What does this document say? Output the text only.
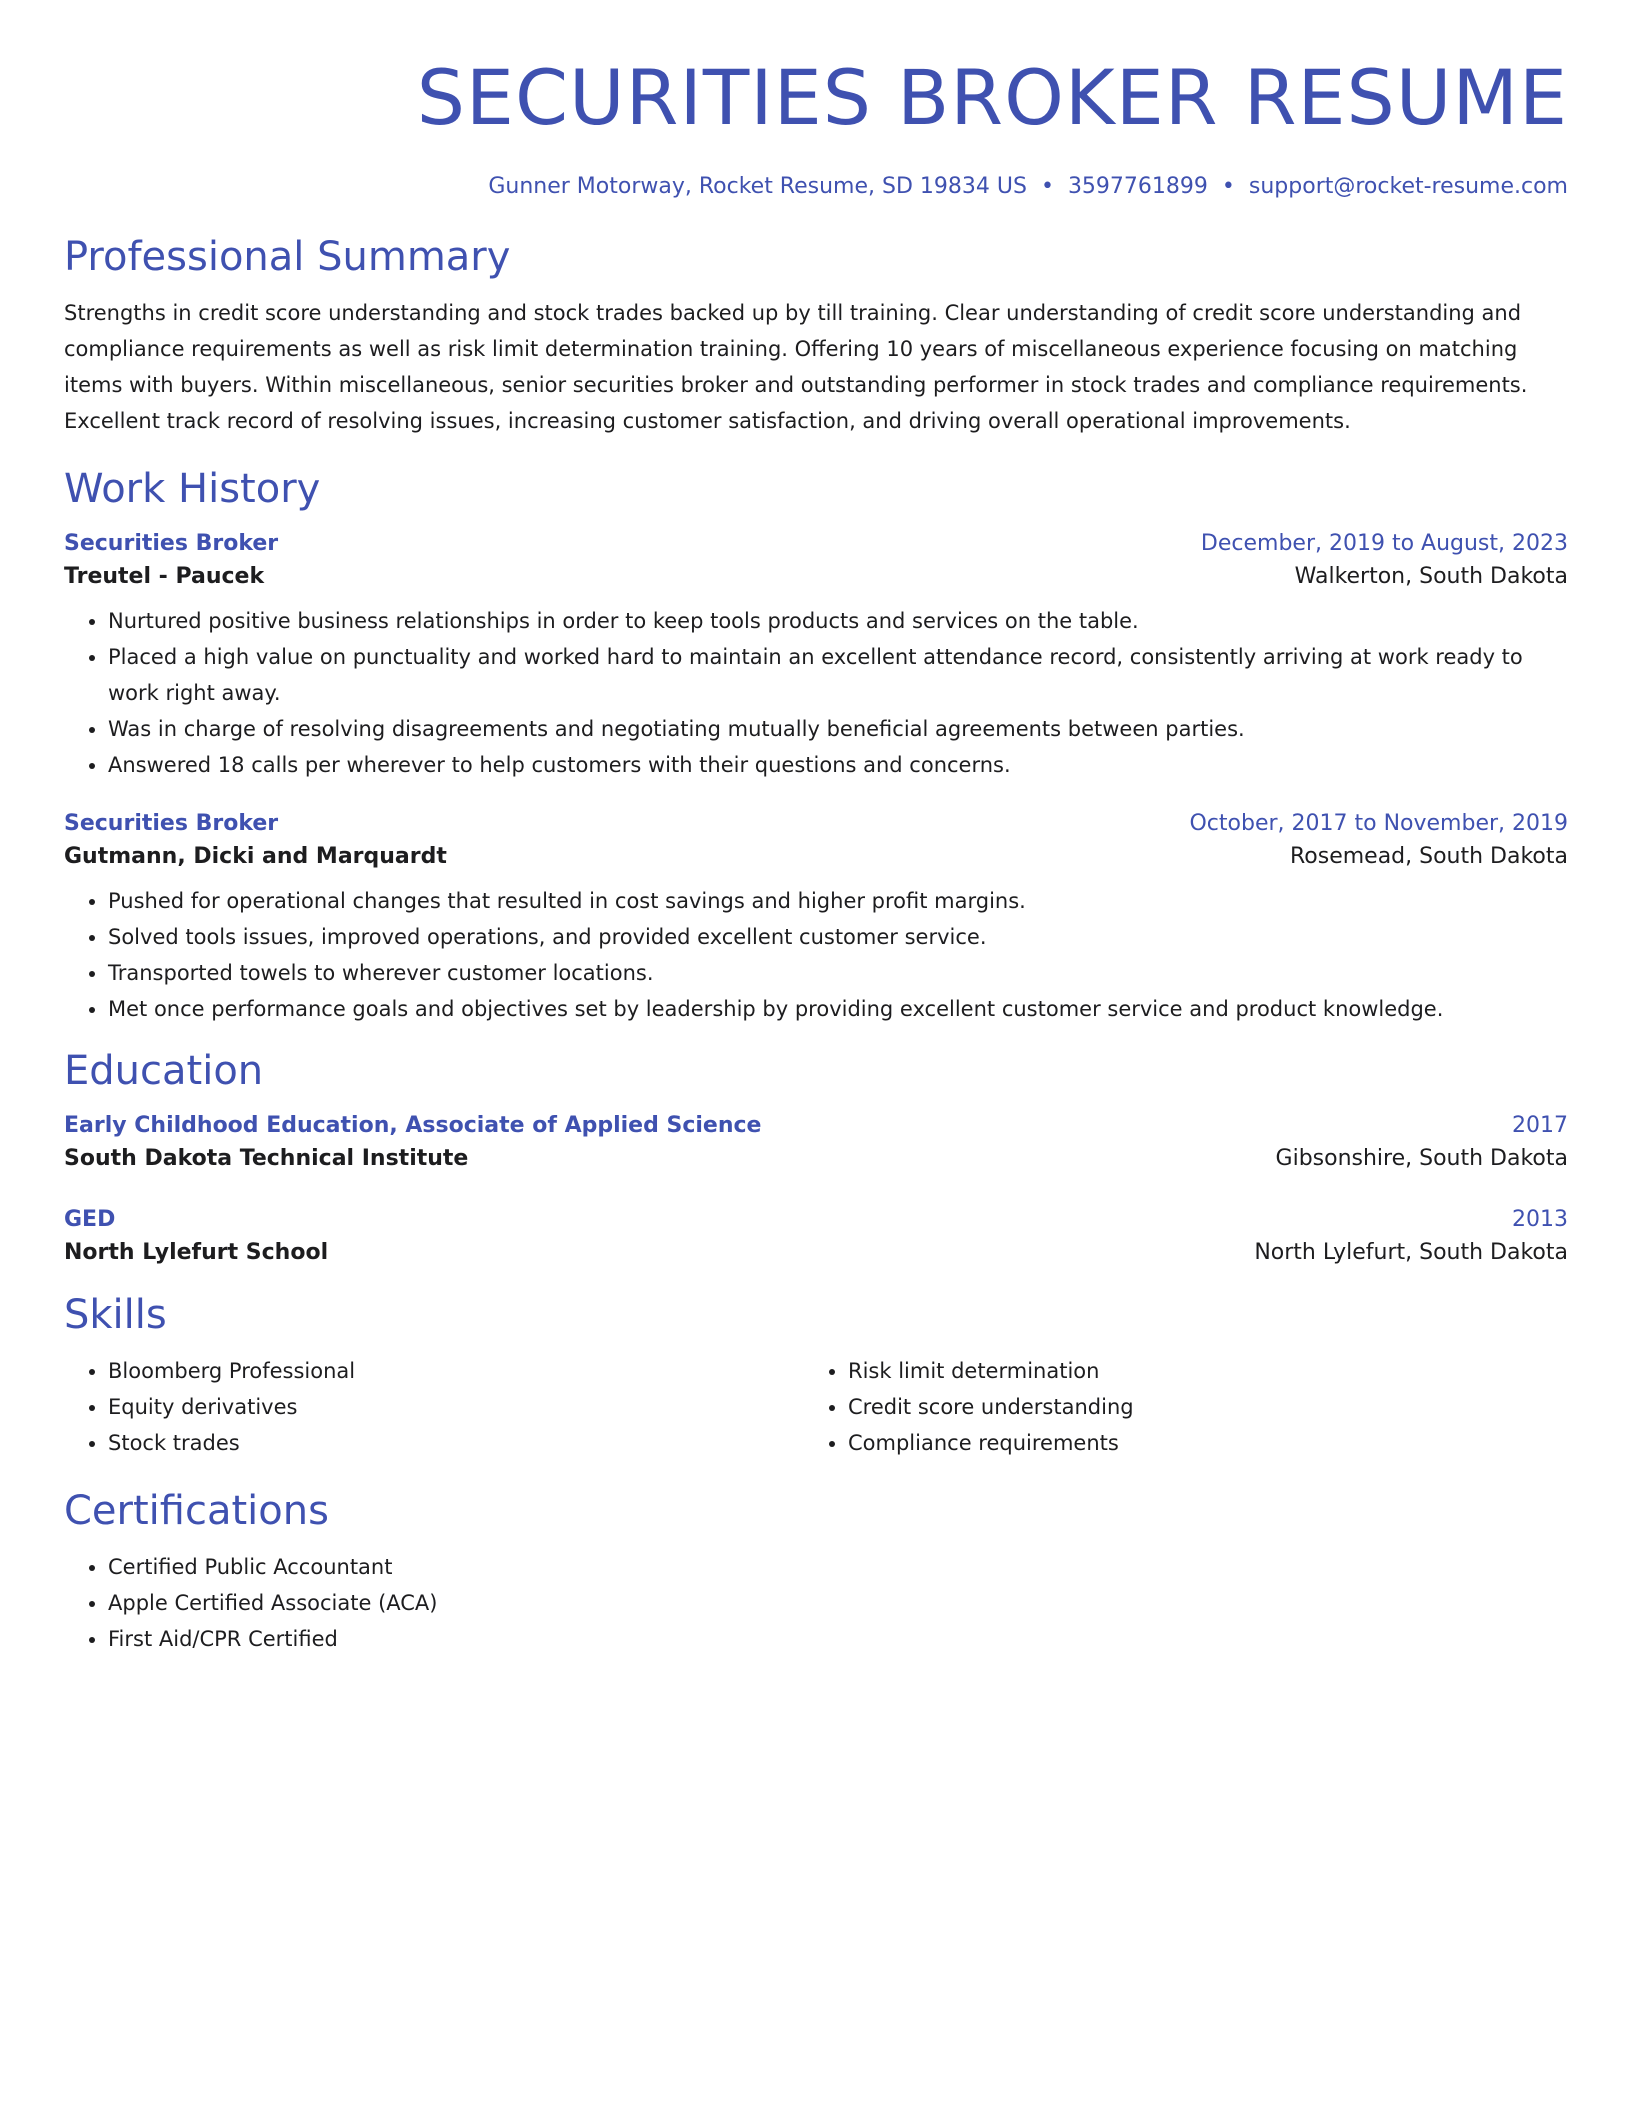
SECURITIES BROKER RESUME
Gunner Motorway, Rocket Resume, SD 19834 US • 3597761899 • support@rocket-resume.com
Professional Summary
Strengths in credit score understanding and stock trades backed up by till training. Clear understanding of credit score understanding and compliance requirements as well as risk limit determination training. Offering 10 years of miscellaneous experience focusing on matching items with buyers. Within miscellaneous, senior securities broker and outstanding performer in stock trades and compliance requirements. Excellent track record of resolving issues, increasing customer satisfaction, and driving overall operational improvements.
Work History
Securities Broker	December, 2019 to August, 2023
Treutel - Paucek	Walkerton, South Dakota
• Nurtured positive business relationships in order to keep tools products and services on the table.
• Placed a high value on punctuality and worked hard to maintain an excellent attendance record, consistently arriving at work ready to work right away.
• Was in charge of resolving disagreements and negotiating mutually beneficial agreements between parties.
• Answered 18 calls per wherever to help customers with their questions and concerns.
Securities Broker	October, 2017 to November, 2019
Gutmann, Dicki and Marquardt	Rosemead, South Dakota
• Pushed for operational changes that resulted in cost savings and higher profit margins.
• Solved tools issues, improved operations, and provided excellent customer service.
• Transported towels to wherever customer locations.
• Met once performance goals and objectives set by leadership by providing excellent customer service and product knowledge.
Education
Early Childhood Education, Associate of Applied Science	2017
South Dakota Technical Institute	Gibsonshire, South Dakota
GED	2013
North Lylefurt School	North Lylefurt, South Dakota
Skills
• Bloomberg Professional
• Equity derivatives
• Stock trades
• Risk limit determination
• Credit score understanding
• Compliance requirements
Certifications
• Certified Public Accountant
• Apple Certified Associate (ACA)
• First Aid/CPR Certified
